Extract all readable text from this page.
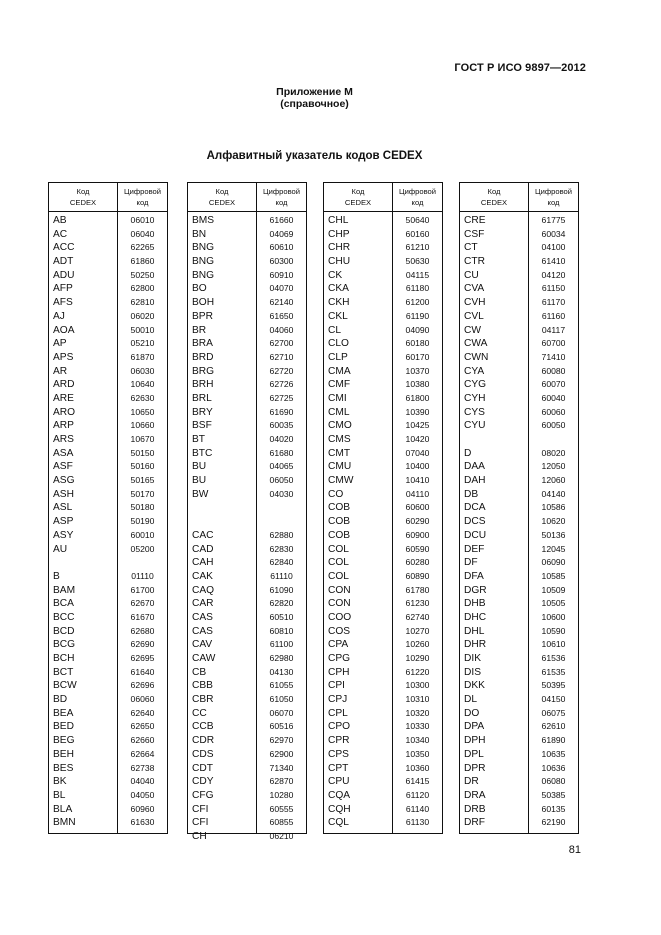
ГОСТ Р ИСО 9897—2012
Приложение М
(справочное)
Алфавитный указатель кодов CEDEX
Код
CEDEX
Цифровой
код
AB	06010
AC	06040
ACC	62265
ADT	61860
ADU	50250
AFP	62800
AFS	62810
AJ	06020
AOA	50010
AP	05210
APS	61870
AR	06030
ARD	10640
ARE	62630
ARO	10650
ARP	10660
ARS	10670
ASA	50150
ASF	50160
ASG	50165
ASH	50170
ASL	50180
ASP	50190
ASY	60010
AU	05200
B	01110
BAM	61700
BCA	62670
BCC	61670
BCD	62680
BCG	62690
BCH	62695
BCT	61640
BCW	62696
BD	06060
BEA	62640
BED	62650
BEG	62660
BEH	62664
BES	62738
BK	04040
BL	04050
BLA	60960
BMN	61630
Код
CEDEX
Цифровой
код
BMS	61660
BN	04069
BNG	60610
BNG	60300
BNG	60910
BO	04070
BOH	62140
BPR	61650
BR	04060
BRA	62700
BRD	62710
BRG	62720
BRH	62726
BRL	62725
BRY	61690
BSF	60035
BT	04020
BTC	61680
BU	04065
BU	06050
BW	04030
CAC	62880
CAD	62830
CAH	62840
CAK	61110
CAQ	61090
CAR	62820
CAS	60510
CAS	60810
CAV	61100
CAW	62980
CB	04130
CBB	61055
CBR	61050
CC	06070
CCB	60516
CDR	62970
CDS	62900
CDT	71340
CDY	62870
CFG	10280
CFI	60555
CFI	60855
CH	06210
Код
CEDEX
Цифровой
код
CHL	50640
CHP	60160
CHR	61210
CHU	50630
CK	04115
CKA	61180
CKH	61200
CKL	61190
CL	04090
CLO	60180
CLP	60170
CMA	10370
CMF	10380
CMI	61800
CML	10390
CMO	10425
CMS	10420
CMT	07040
CMU	10400
CMW	10410
CO	04110
COB	60600
COB	60290
COB	60900
COL	60590
COL	60280
COL	60890
CON	61780
CON	61230
COO	62740
COS	10270
CPA	10260
CPG	10290
CPH	61220
CPI	10300
CPJ	10310
CPL	10320
CPO	10330
CPR	10340
CPS	10350
CPT	10360
CPU	61415
CQA	61120
CQH	61140
CQL	61130
Код
CEDEX
Цифровой
код
CRE	61775
CSF	60034
CT	04100
CTR	61410
CU	04120
CVA	61150
CVH	61170
CVL	61160
CW	04117
CWA	60700
CWN	71410
CYA	60080
CYG	60070
CYH	60040
CYS	60060
CYU	60050
D	08020
DAA	12050
DAH	12060
DB	04140
DCA	10586
DCS	10620
DCU	50136
DEF	12045
DF	06090
DFA	10585
DGR	10509
DHB	10505
DHC	10600
DHL	10590
DHR	10610
DIK	61536
DIS	61535
DKK	50395
DL	04150
DO	06075
DPA	62610
DPH	61890
DPL	10635
DPR	10636
DR	06080
DRA	50385
DRB	60135
DRF	62190
81
